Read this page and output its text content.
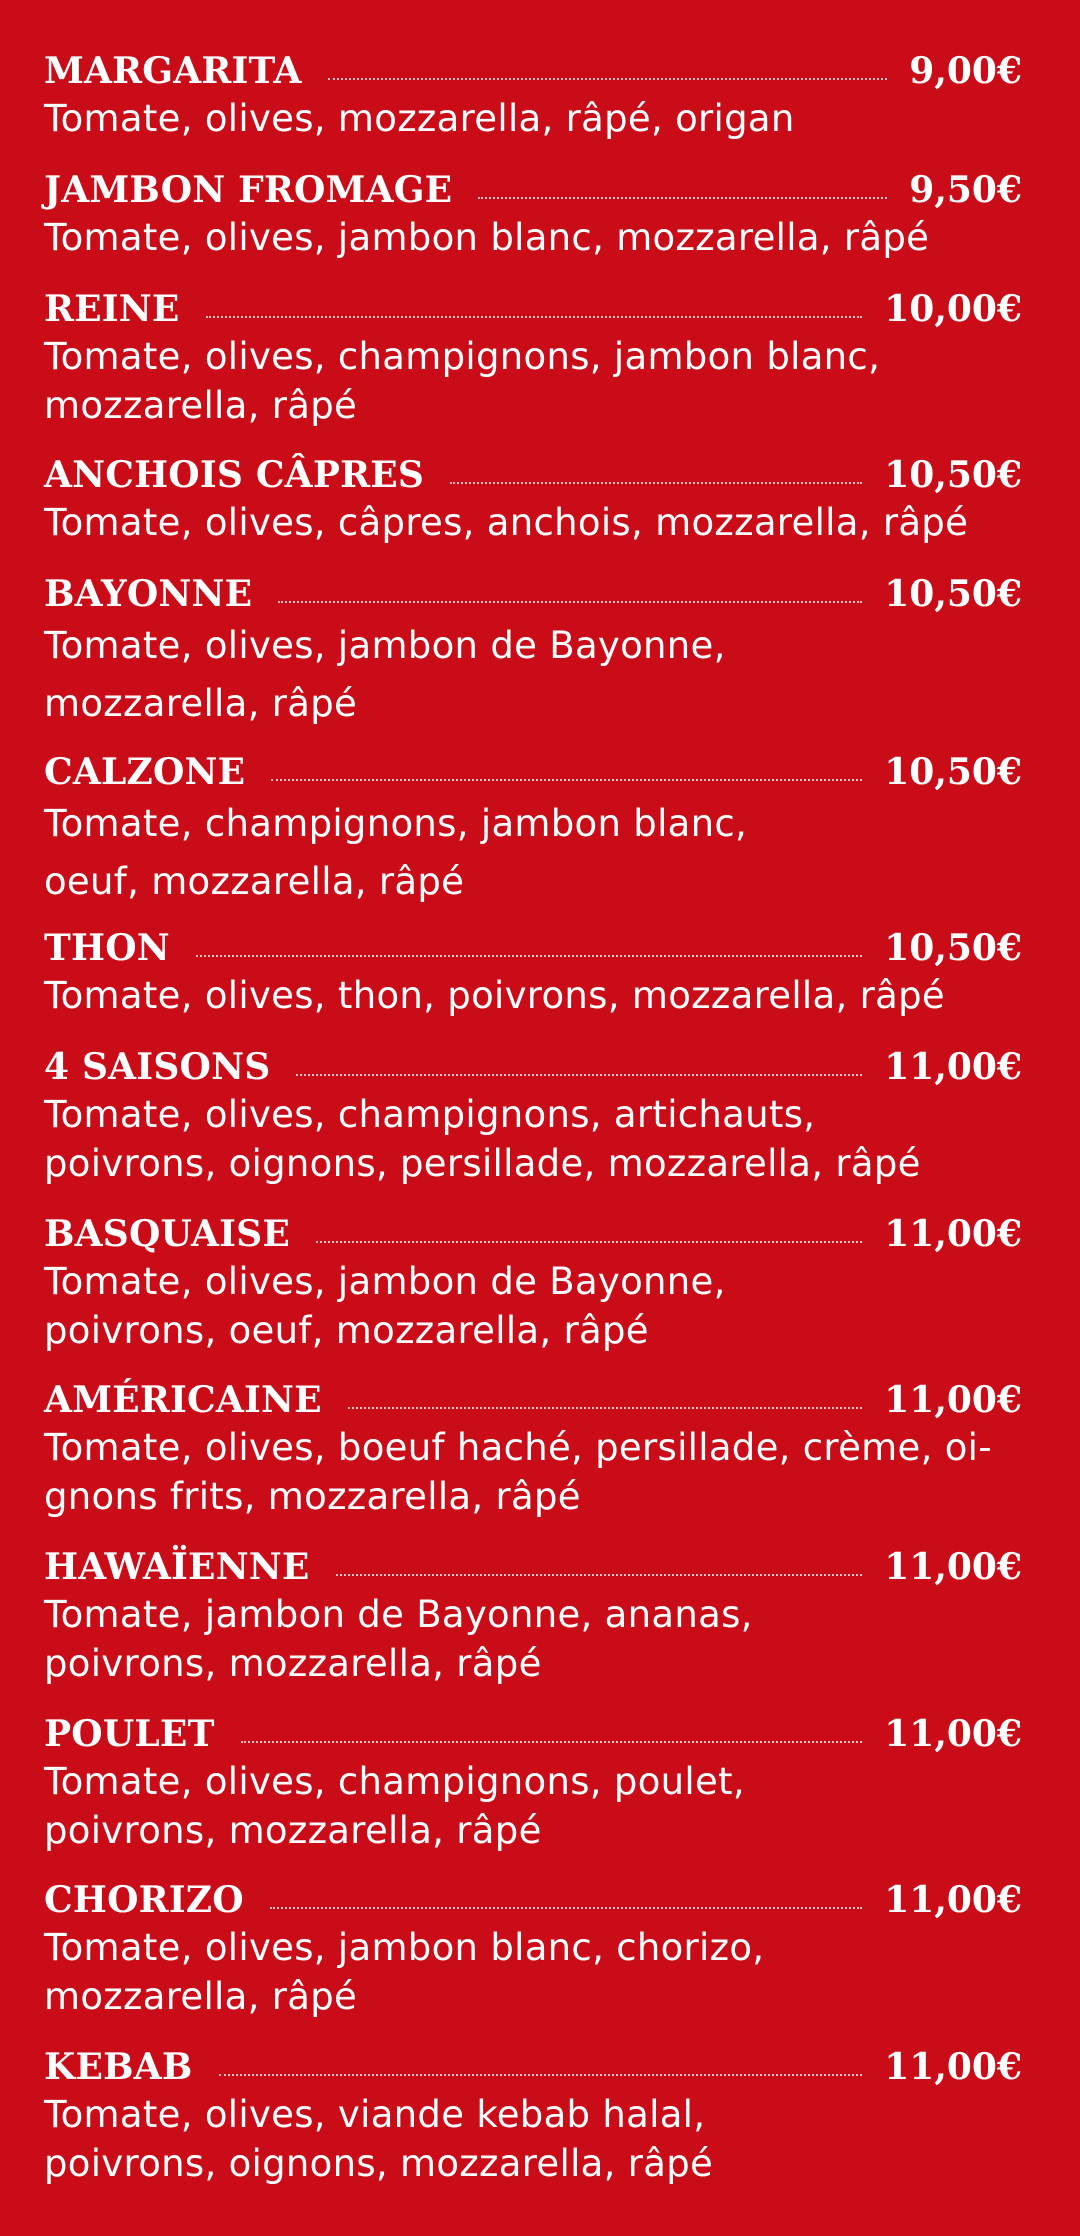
MARGARITA	9,00€
Tomate, olives, mozzarella, râpé, origan
JAMBON FROMAGE	9,50€
Tomate, olives, jambon blanc, mozzarella, râpé
REINE	10,00€
Tomate, olives, champignons, jambon blanc,
mozzarella, râpé
ANCHOIS CÂPRES	10,50€
Tomate, olives, câpres, anchois, mozzarella, râpé
BAYONNE	10,50€
Tomate, olives, jambon de Bayonne,
mozzarella, râpé
CALZONE	10,50€
Tomate, champignons, jambon blanc,
oeuf, mozzarella, râpé
THON	10,50€
Tomate, olives, thon, poivrons, mozzarella, râpé
4 SAISONS	11,00€
Tomate, olives, champignons, artichauts,
poivrons, oignons, persillade, mozzarella, râpé
BASQUAISE	11,00€
Tomate, olives, jambon de Bayonne,
poivrons, oeuf, mozzarella, râpé
AMÉRICAINE	11,00€
Tomate, olives, boeuf haché, persillade, crème, oi-
gnons frits, mozzarella, râpé
HAWAÏENNE	11,00€
Tomate, jambon de Bayonne, ananas,
poivrons, mozzarella, râpé
POULET	11,00€
Tomate, olives, champignons, poulet,
poivrons, mozzarella, râpé
CHORIZO	11,00€
Tomate, olives, jambon blanc, chorizo,
mozzarella, râpé
KEBAB	11,00€
Tomate, olives, viande kebab halal,
poivrons, oignons, mozzarella, râpé
